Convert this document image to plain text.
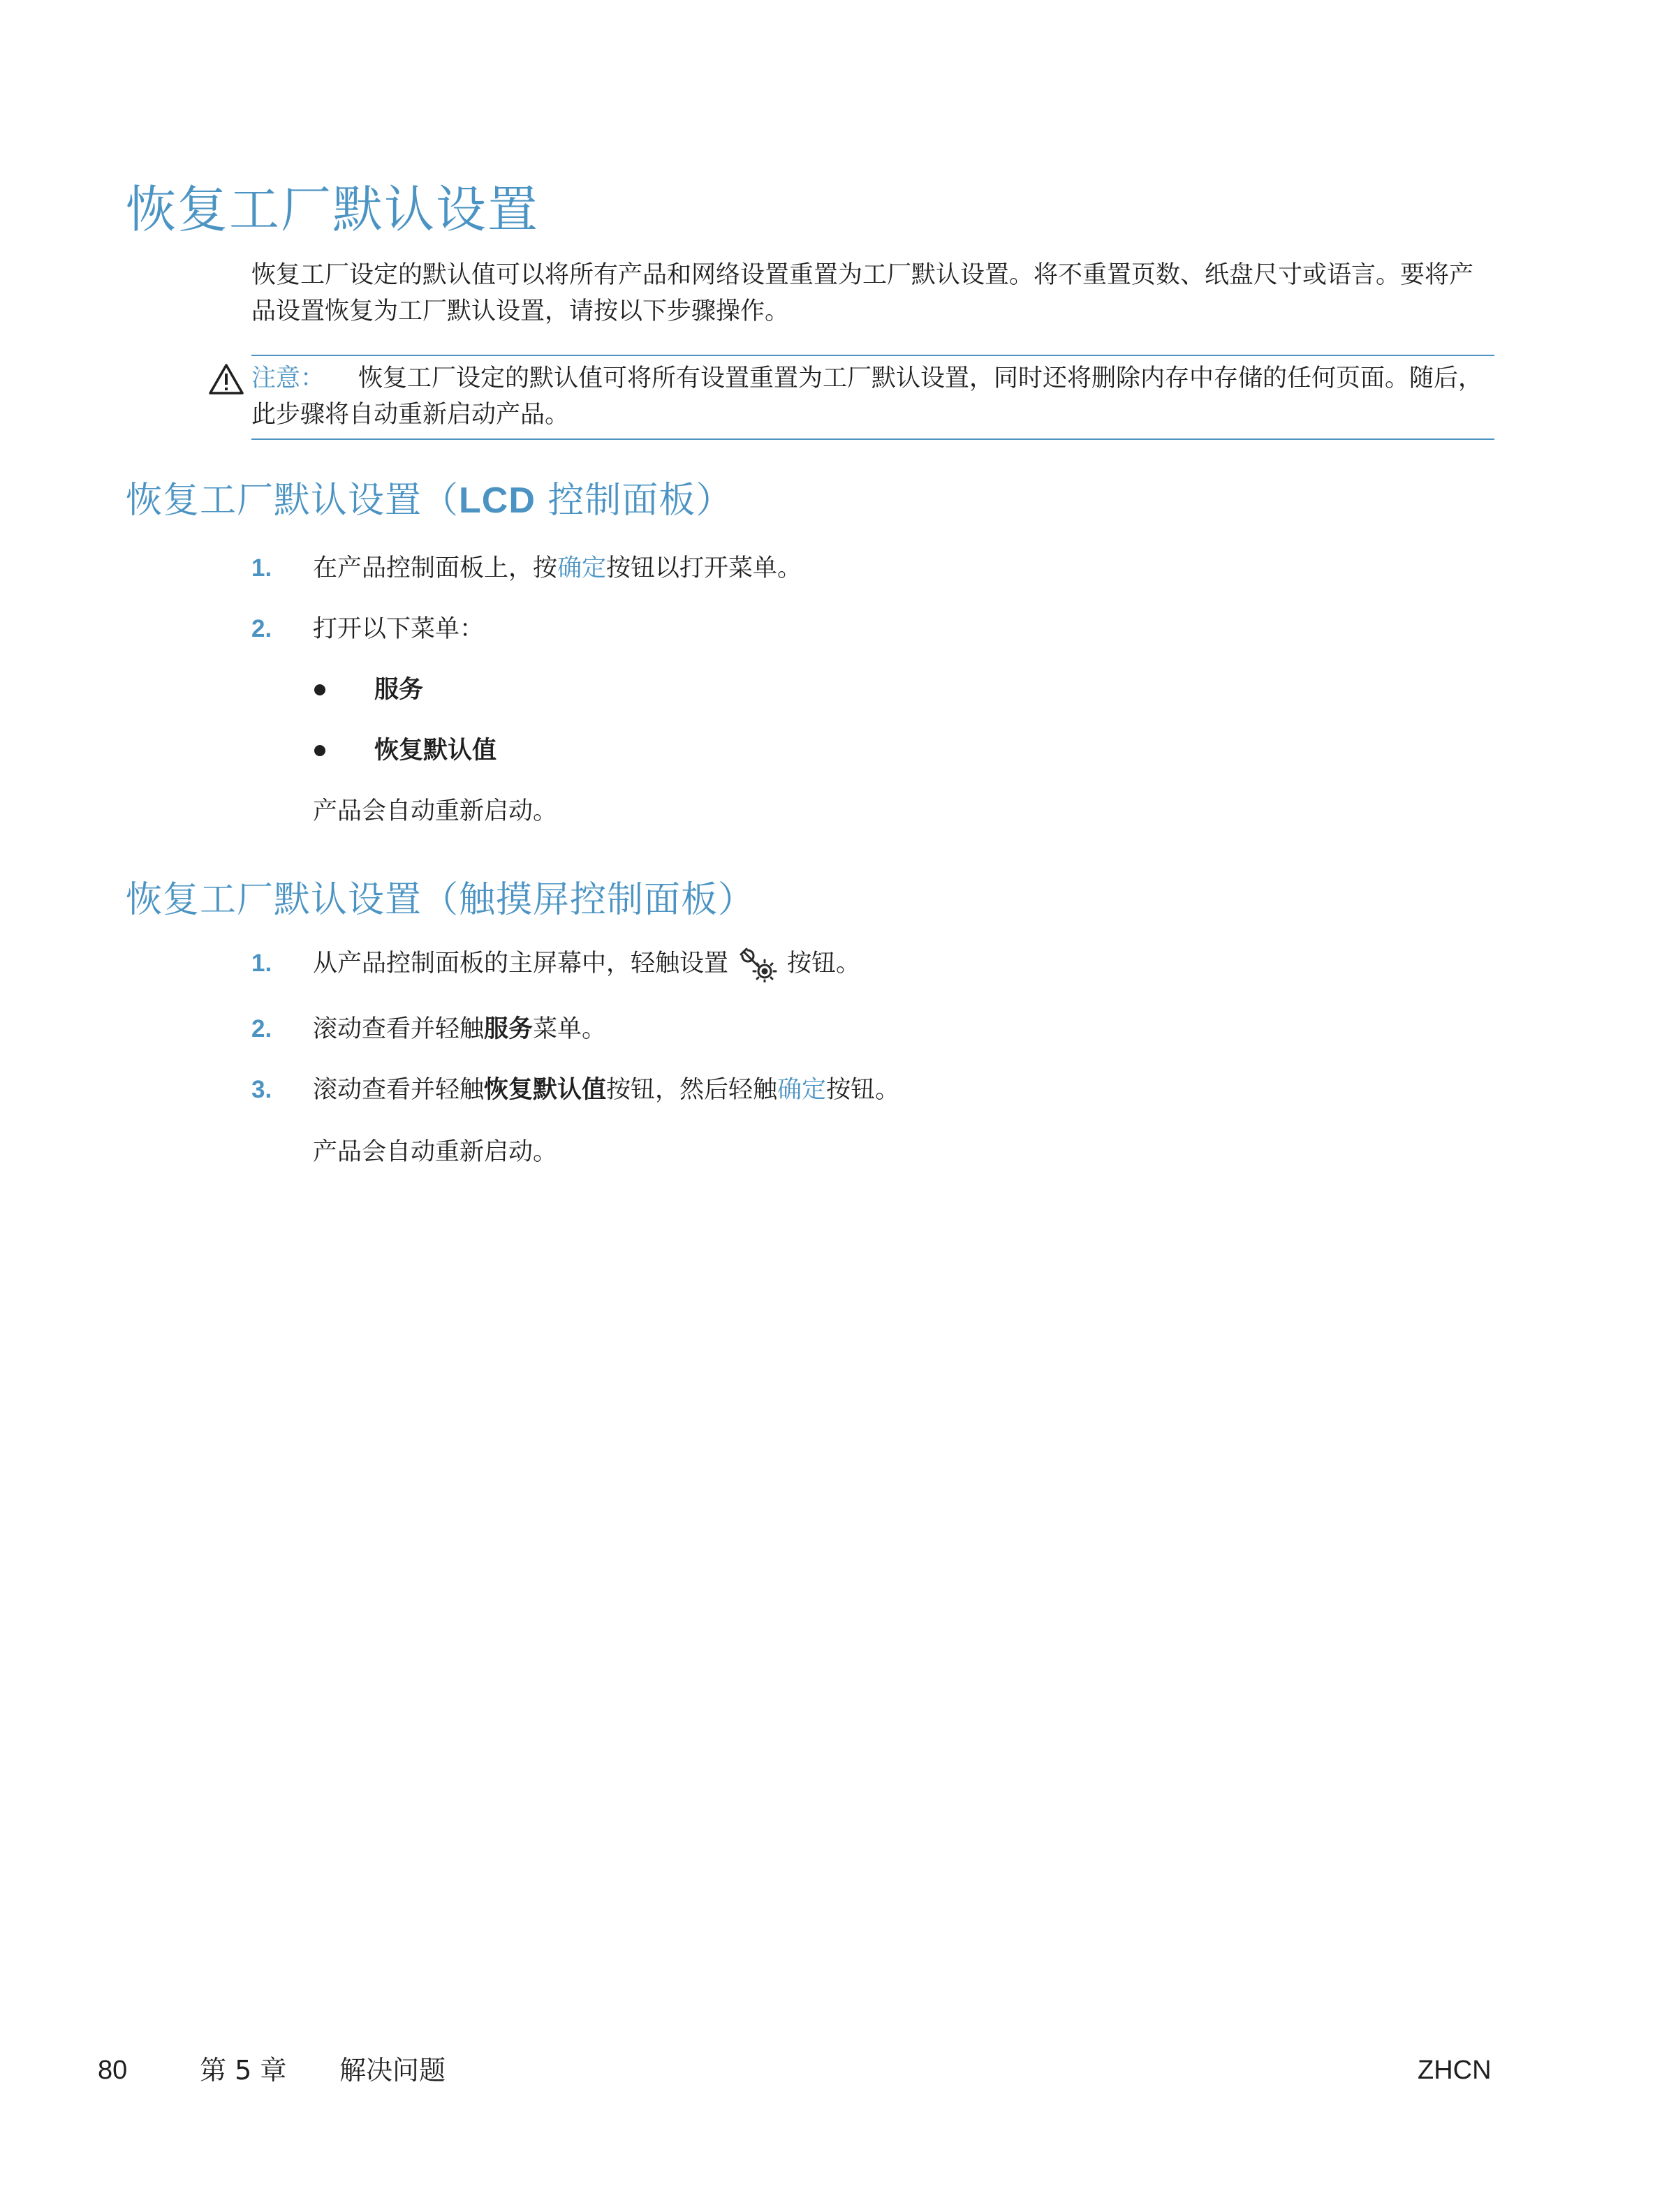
恢复工厂默认设置
恢复工厂设定的默认值可以将所有产品和网络设置重置为工厂默认设置。将不重置页数、纸盘尺寸或语言。要将产品设置恢复为工厂默认设置，请按以下步骤操作。
注意： 恢复工厂设定的默认值可将所有设置重置为工厂默认设置，同时还将删除内存中存储的任何页面。随后，此步骤将自动重新启动产品。
恢复工厂默认设置（LCD 控制面板）
1.	在产品控制面板上，按确定按钮以打开菜单。
2.	打开以下菜单：
服务
恢复默认值
产品会自动重新启动。
恢复工厂默认设置（触摸屏控制面板）
1.	从产品控制面板的主屏幕中，轻触设置 按钮。
2.	滚动查看并轻触服务菜单。
3.	滚动查看并轻触恢复默认值按钮，然后轻触确定按钮。
产品会自动重新启动。
80	第 5 章 解决问题	ZHCN
